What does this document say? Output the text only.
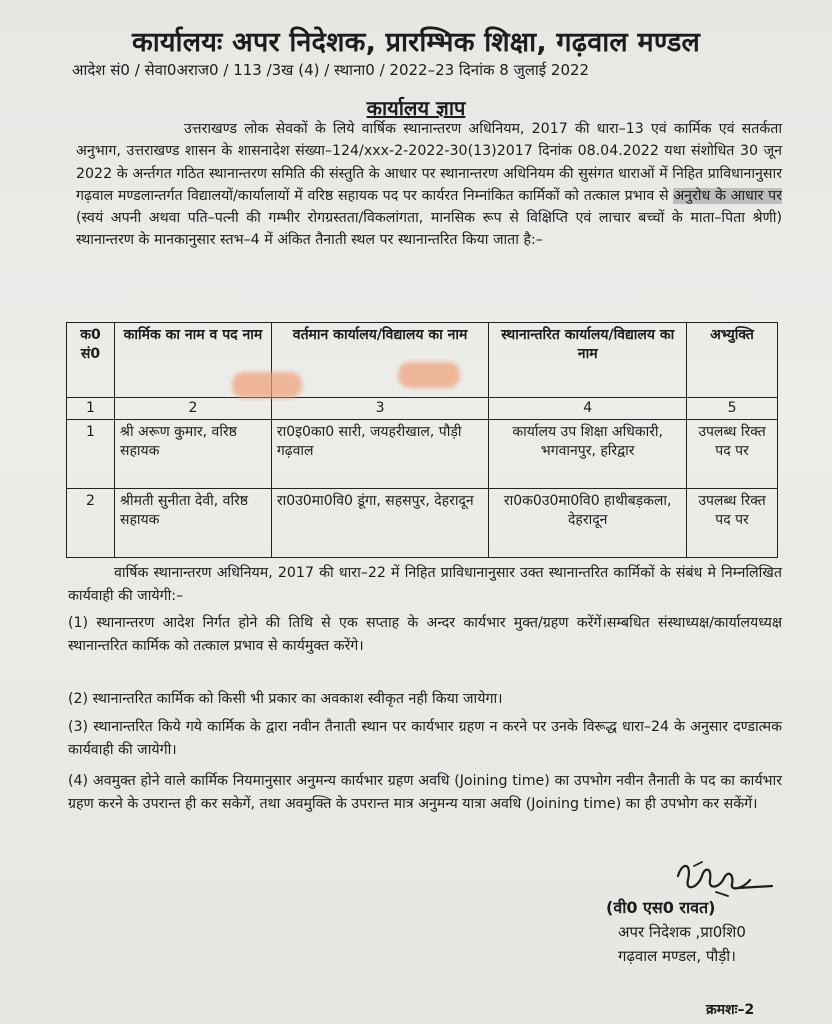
कार्यालयः अपर निदेशक, प्रारम्भिक शिक्षा, गढ़वाल मण्डल
आदेश सं0 / सेवा0अराज0 / 113 /3ख (4) / स्थाना0 / 2022–23 दिनांक 8 जुलाई 2022
कार्यालय ज्ञाप
उत्तराखण्ड लोक सेवकों के लिये वार्षिक स्थानान्तरण अधिनियम, 2017 की धारा–13 एवं कार्मिक एवं सतर्कता अनुभाग, उत्तराखण्ड शासन के शासनादेश संख्या–124/xxx-2-2022-30(13)2017 दिनांक 08.04.2022 यथा संशोधित 30 जून 2022 के अर्न्तगत गठित स्थानान्तरण समिति की संस्तुति के आधार पर स्थानान्तरण अधिनियम की सुसंगत धाराओं में निहित प्राविधानानुसार गढ़वाल मण्डलान्तर्गत विद्यालयों/कार्यालायों में वरिष्ठ सहायक पद पर कार्यरत निम्नांकित कार्मिकों को तत्काल प्रभाव से अनुरोध के आधार पर (स्वयं अपनी अथवा पति–पत्नी की गम्भीर रोगग्रस्तता/विकलांगता, मानसिक रूप से विक्षिप्ति एवं लाचार बच्चों के माता–पिता श्रेणी) स्थानान्तरण के मानकानुसार स्तभ–4 में अंकित तैनाती स्थल पर स्थानान्तरित किया जाता है:–
क0 सं0	कार्मिक का नाम व पद नाम	वर्तमान कार्यालय/विद्यालय का नाम	स्थानान्तरित कार्यालय/विद्यालय का नाम	अभ्युक्ति
1	2	3	4	5
1	श्री अरूण कुमार, वरिष्ठ सहायक	रा0इ0का0 सारी, जयहरीखाल, पौड़ी गढ़वाल	कार्यालय उप शिक्षा अधिकारी, भगवानपुर, हरिद्वार	उपलब्ध रिक्त पद पर
2	श्रीमती सुनीता देवी, वरिष्ठ सहायक	रा0उ0मा0वि0 डूंगा, सहसपुर, देहरादून	रा0क0उ0मा0वि0 हाथीबड़कला, देहरादून	उपलब्ध रिक्त पद पर
वार्षिक स्थानान्तरण अधिनियम, 2017 की धारा–22 में निहित प्राविधानानुसार उक्त स्थानान्तरित कार्मिकों के संबंध मे निम्नलिखित कार्यवाही की जायेगी:–
(1) स्थानान्तरण आदेश निर्गत होने की तिथि से एक सप्ताह के अन्दर कार्यभार मुक्त/ग्रहण करेंगें।सम्बधित संस्थाध्यक्ष/कार्यालयध्यक्ष स्थानान्तरित कार्मिक को तत्काल प्रभाव से कार्यमुक्त करेंगे।
(2) स्थानान्तरित कार्मिक को किसी भी प्रकार का अवकाश स्वीकृत नही किया जायेगा।
(3) स्थानान्तरित किये गये कार्मिक के द्वारा नवीन तैनाती स्थान पर कार्यभार ग्रहण न करने पर उनके विरूद्ध धारा–24 के अनुसार दण्डात्मक कार्यवाही की जायेगी।
(4) अवमुक्त होने वाले कार्मिक नियमानुसार अनुमन्य कार्यभार ग्रहण अवधि (Joining time) का उपभोग नवीन तैनाती के पद का कार्यभार ग्रहण करने के उपरान्त ही कर सकेगें, तथा अवमुक्ति के उपरान्त मात्र अनुमन्य यात्रा अवधि (Joining time) का ही उपभोग कर सकेंगें।
(वी0 एस0 रावत)
अपर निदेशक ,प्रा0शि0
गढ़वाल मण्डल, पौड़ी।
क्रमशः–2
